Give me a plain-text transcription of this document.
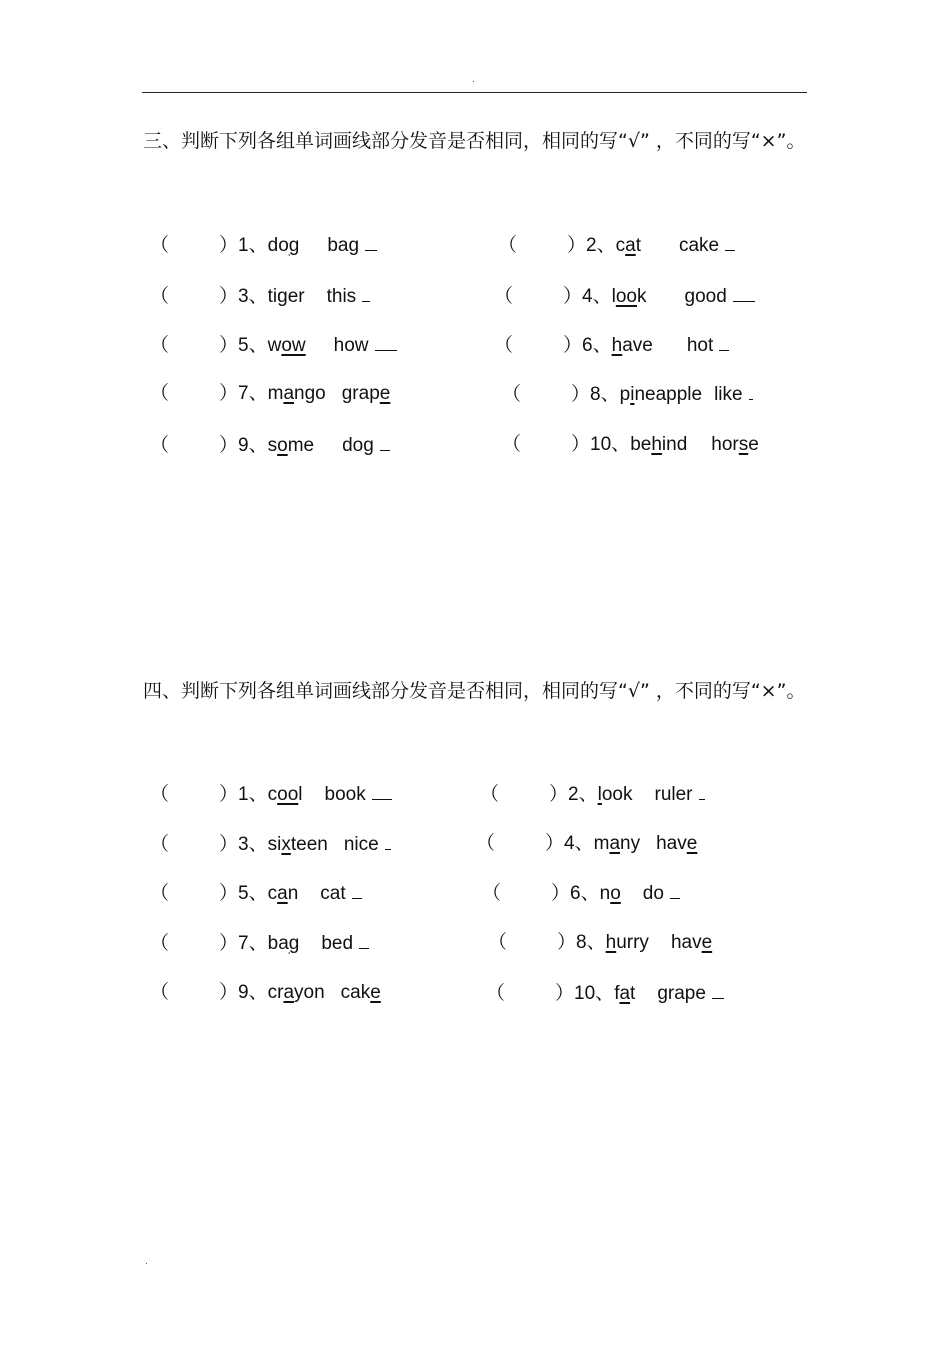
.
三、判断下列各组单词画线部分发音是否相同，相同的写“√” ，不同的写“×”。
（	）1、dog bag	（	）2、cat cake
（	）3、tiger this	（	）4、look good
（	）5、wow how	（	）6、have hot
（	）7、mango grape	（	）8、pineapple like
（	）9、some dog	（	）10、behind horse
四、判断下列各组单词画线部分发音是否相同，相同的写“√” ，不同的写“×”。
（	）1、cool book	（	）2、look ruler
（	）3、sixteen nice	（	）4、many have
（	）5、can cat	（	）6、no do
（	）7、bag bed	（	）8、hurry have
（	）9、crayon cake	（	）10、fat grape
.
